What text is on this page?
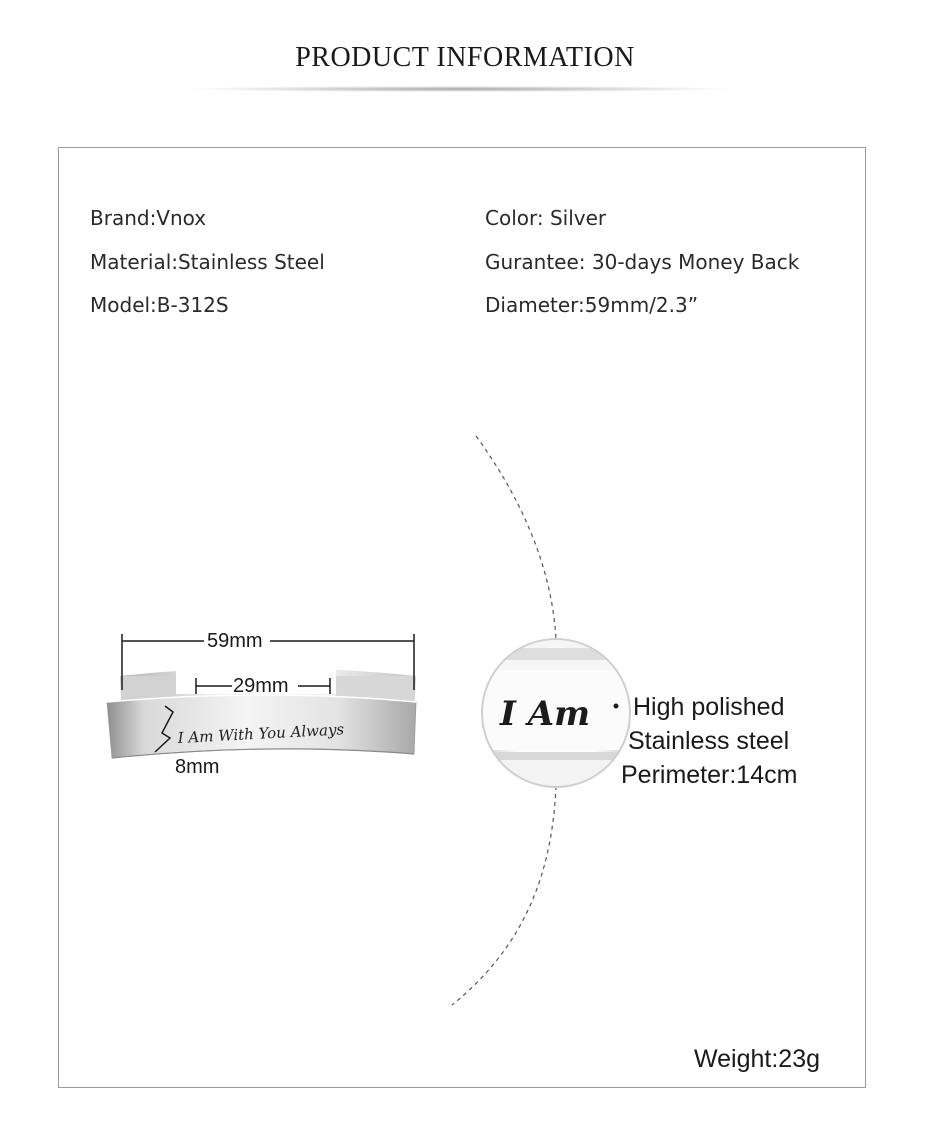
PRODUCT INFORMATION
Brand:Vnox
Material:Stainless Steel
Model:B-312S
Color: Silver
Gurantee: 30-days Money Back
Diameter:59mm/2.3”
I Am With You Always	I Am
59mm
29mm
8mm
High polished
Stainless steel
Perimeter:14cm
Weight:23g
